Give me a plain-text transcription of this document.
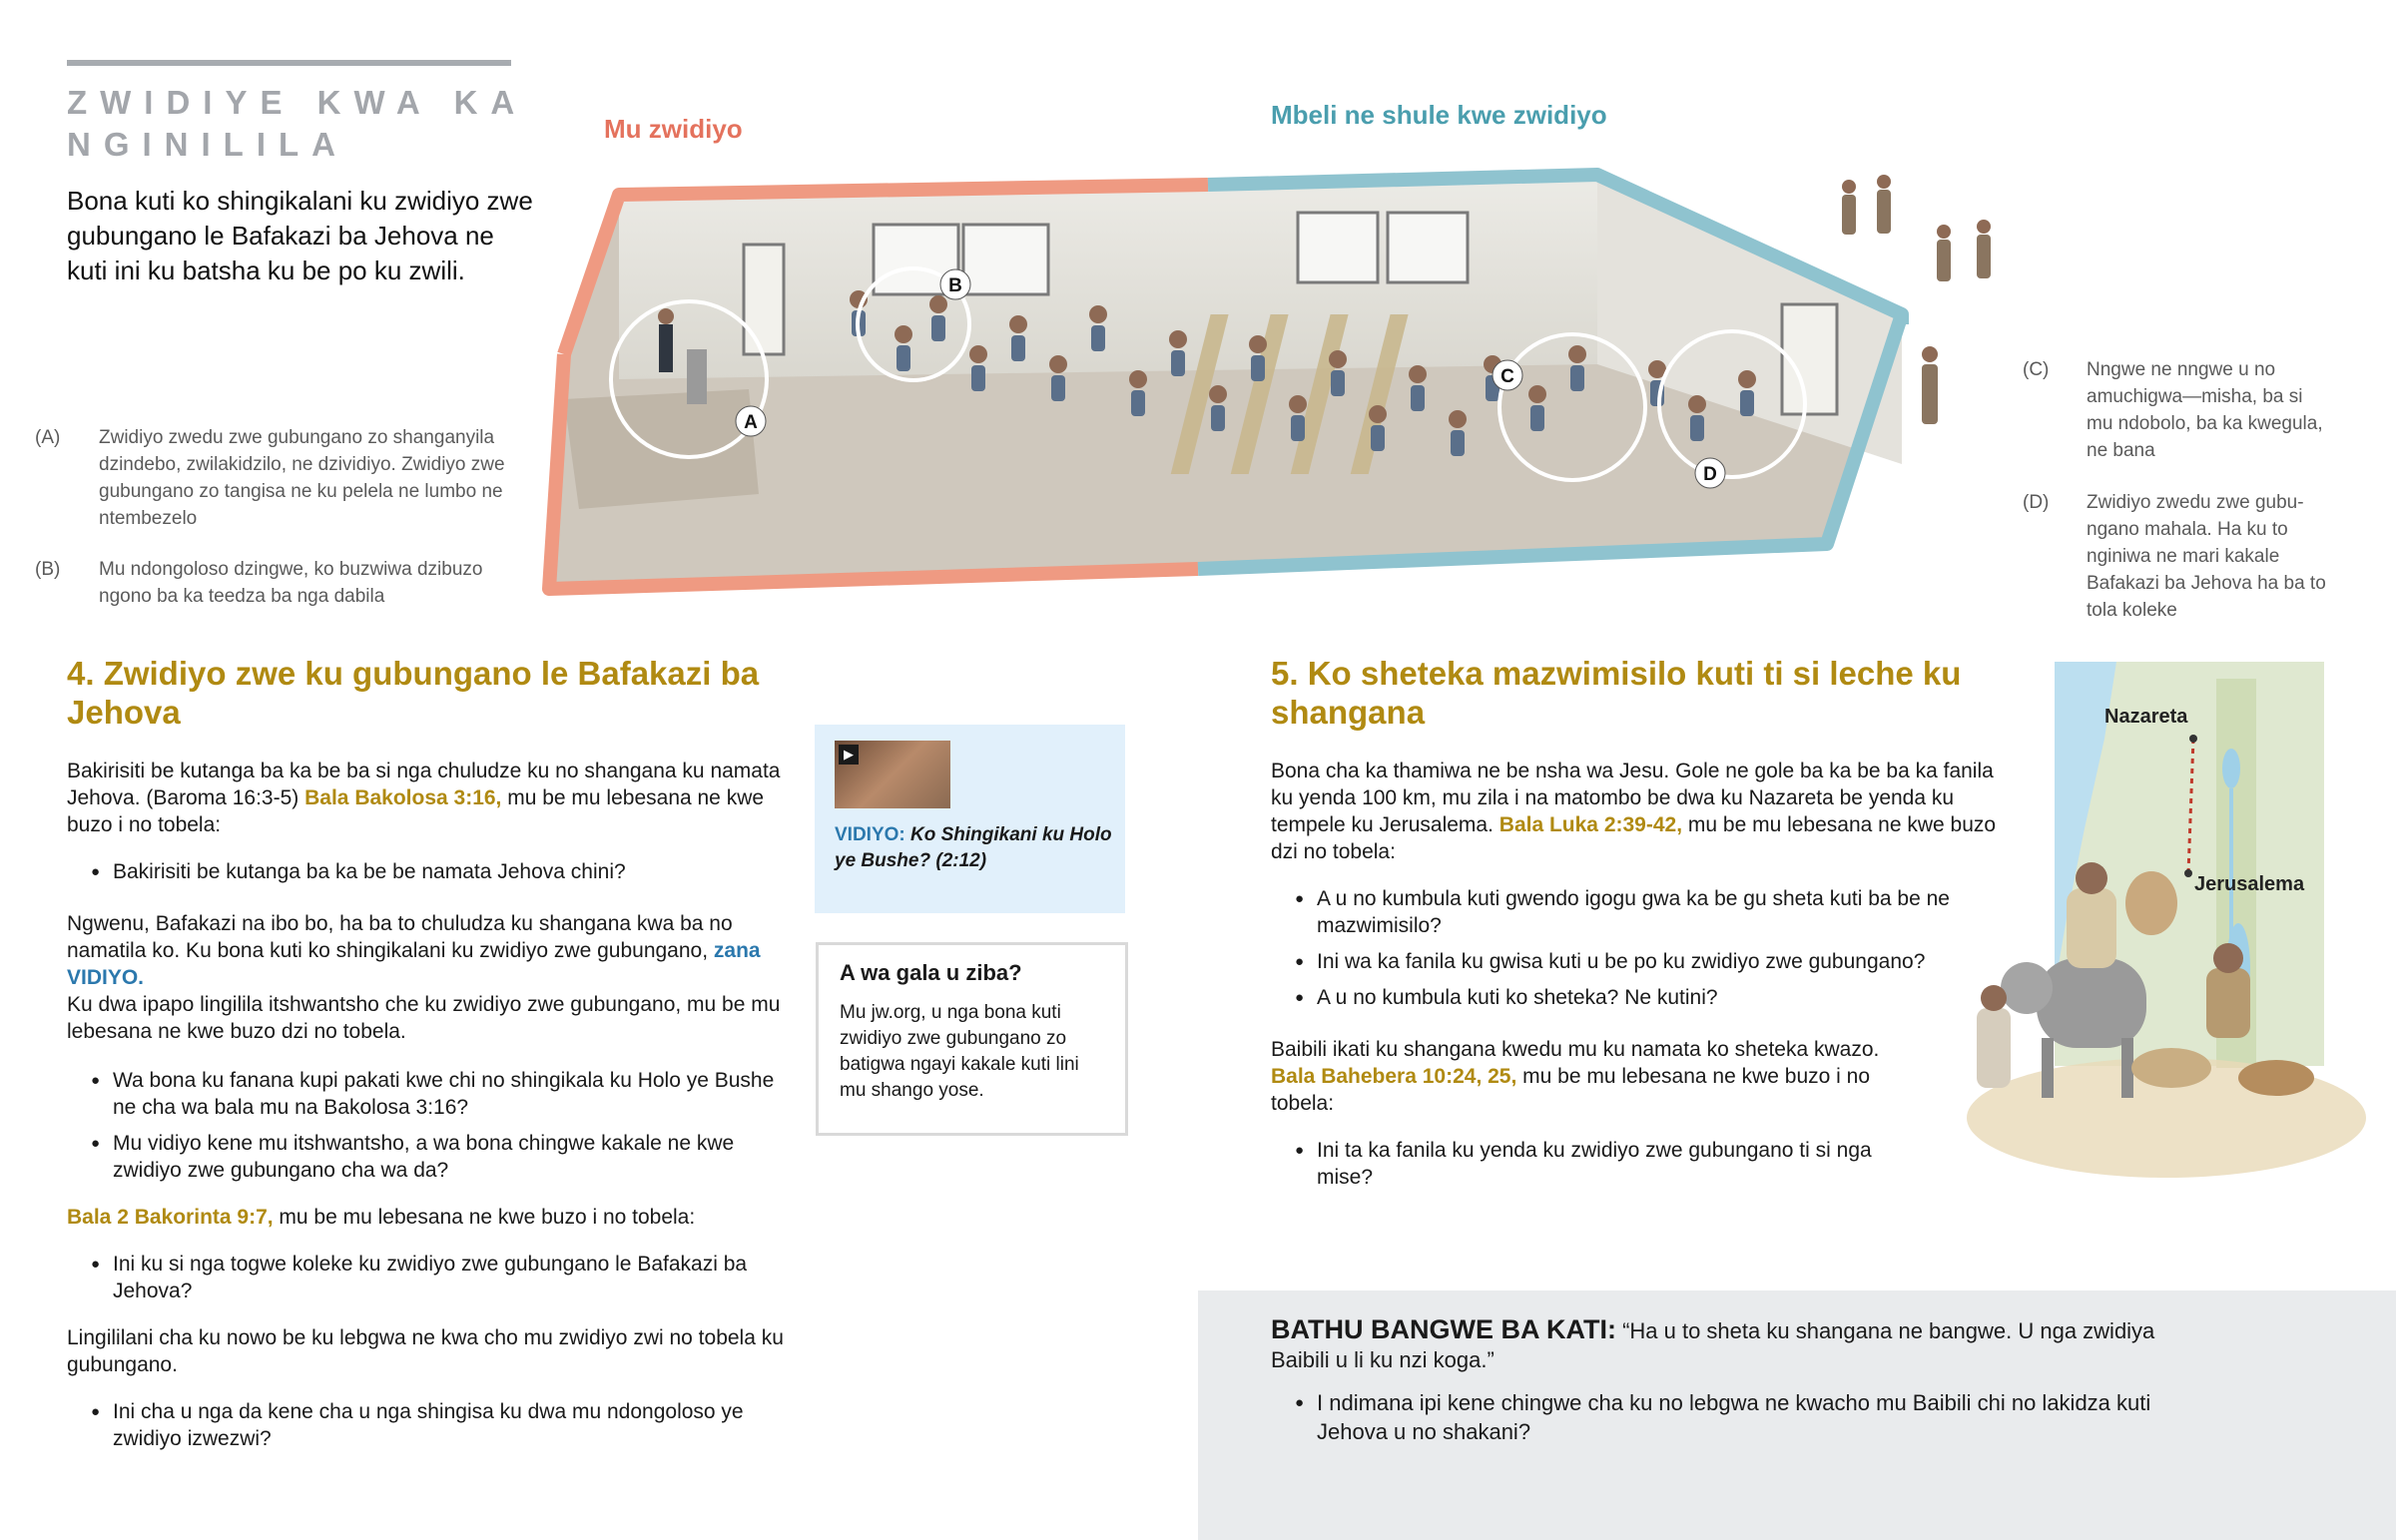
ZWIDIYE KWA KA NGINILILA
Bona kuti ko shingikalani ku zwidiyo zwe gubungano le Bafakazi ba Jehova ne kuti ini ku batsha ku be po ku zwili.
(A) Zwidiyo zwedu zwe gubungano zo shanganyila dzindebo, zwilakidzilo, ne dzividiyo. Zwidiyo zwe gubungano zo tangisa ne ku pelela ne lumbo ne ntembezelo
(B) Mu ndongoloso dzingwe, ko buzwiwa dzibuzo ngono ba ka teedza ba nga dabila
(C) Nngwe ne nngwe u no amuchigwa—misha, ba si mu ndobolo, ba ka kwegula, ne bana
(D) Zwidiyo zwedu zwe gubungano mahala. Ha ku to nginiwa ne mari kakale Bafakazi ba Jehova ha ba to tola koleke
Mu zwidiyo	Mbeli ne shule kwe zwidiyo
A
B
C
D
4. Zwidiyo zwe ku gubungano le Bafakazi ba Jehova

Bakirisiti be kutanga ba ka be ba si nga chuludze ku no shangana ku namata Jehova. (Baroma 16:3-5) Bala Bakolosa 3:16, mu be mu lebesana ne kwe buzo i no tobela:

● Bakirisiti be kutanga ba ka be be namata Jehova chini?

Ngwenu, Bafakazi na ibo bo, ha ba to chuludza ku shangana kwa ba no namatila ko. Ku bona kuti ko shingikalani ku zwidiyo zwe gubungano, zana VIDIYO.
Ku dwa ipapo lingilila itshwantsho che ku zwidiyo zwe gubungano, mu be mu lebesana ne kwe buzo dzi no tobela.

● Wa bona ku fanana kupi pakati kwe chi no shingikala ku Holo ye Bushe ne cha wa bala mu na Bakolosa 3:16?
● Mu vidiyo kene mu itshwantsho, a wa bona chingwe kakale ne kwe zwidiyo zwe gubungano cha wa da?

Bala 2 Bakorinta 9:7, mu be mu lebesana ne kwe buzo i no tobela:

● Ini ku si nga togwe koleke ku zwidiyo zwe gubungano le Bafakazi ba Jehova?

Lingililani cha ku nowo be ku lebgwa ne kwa cho mu zwidiyo zwi no tobela ku gubungano.

● Ini cha u nga da kene cha u nga shingisa ku dwa mu ndongoloso ye zwidiyo izwezwi?
▶
VIDIYO: Ko Shingikani ku Holo ye Bushe? (2:12)
A wa gala u ziba?
Mu jw.org, u nga bona kuti zwidiyo zwe gubungano zo batigwa ngayi kakale kuti lini mu shango yose.
5. Ko sheteka mazwimisilo kuti ti si leche ku shangana

Bona cha ka thamiwa ne be nsha wa Jesu. Gole ne gole ba ka be ba ka fanila ku yenda 100 km, mu zila i na matombo be dwa ku Nazareta be yenda ku tempele ku Jerusalema. Bala Luka 2:39-42, mu be mu lebesana ne kwe buzo dzi no tobela:

● A u no kumbula kuti gwendo igogu gwa ka be gu sheta kuti ba be ne mazwimisilo?
● Ini wa ka fanila ku gwisa kuti u be po ku zwidiyo zwe gubungano?
● A u no kumbula kuti ko sheteka? Ne kutini?

Baibili ikati ku shangana kwedu mu ku namata ko sheteka kwazo. Bala Bahebera 10:24, 25, mu be mu lebesana ne kwe buzo i no tobela:

● Ini ta ka fanila ku yenda ku zwidiyo zwe gubungano ti si nga mise?
Nazareta
Jerusalema

BATHU BANGWE BA KATI: “Ha u to sheta ku shangana ne bangwe. U nga zwidiya Baibili u li ku nzi koga.”

● I ndimana ipi kene chingwe cha ku no lebgwa ne kwacho mu Baibili chi no lakidza kuti Jehova u no shakani?
